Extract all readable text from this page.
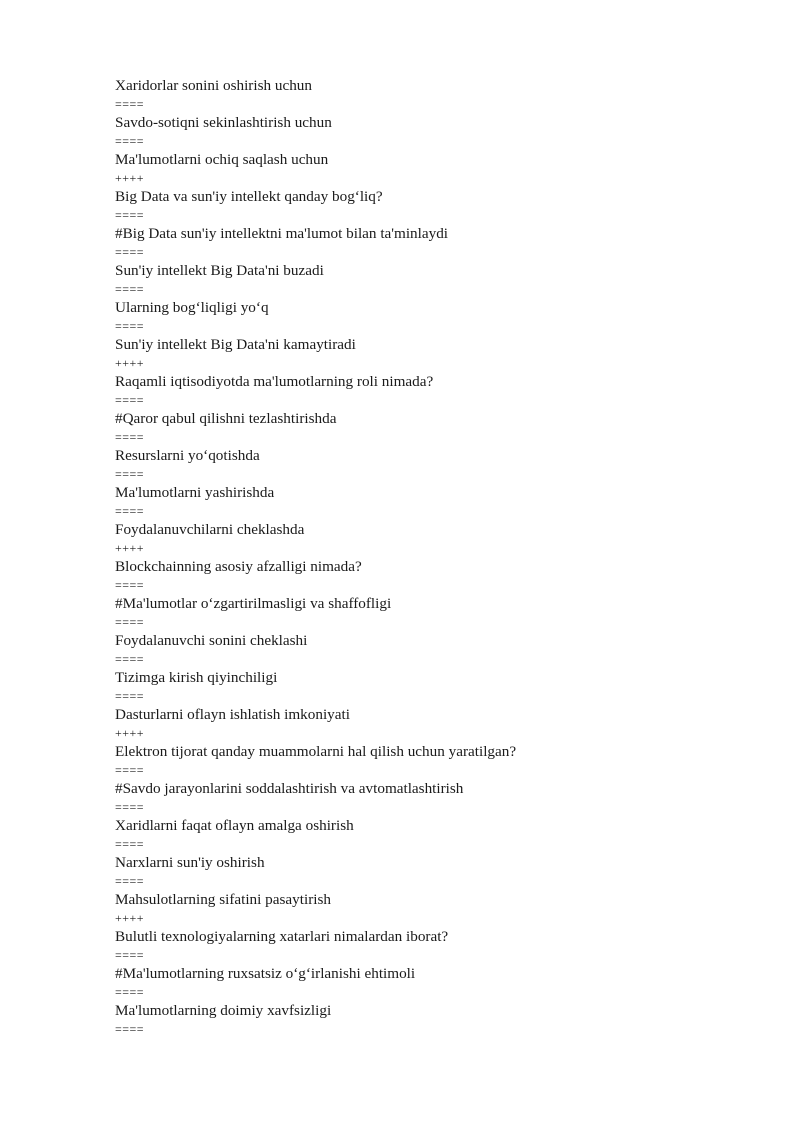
Xaridorlar sonini oshirish uchun
====
Savdo-sotiqni sekinlashtirish uchun
====
Ma'lumotlarni ochiq saqlash uchun
++++
Big Data va sun'iy intellekt qanday bog‘liq?
====
#Big Data sun'iy intellektni ma'lumot bilan ta'minlaydi
====
Sun'iy intellekt Big Data'ni buzadi
====
Ularning bog‘liqligi yo‘q
====
Sun'iy intellekt Big Data'ni kamaytiradi
++++
Raqamli iqtisodiyotda ma'lumotlarning roli nimada?
====
#Qaror qabul qilishni tezlashtirishda
====
Resurslarni yo‘qotishda
====
Ma'lumotlarni yashirishda
====
Foydalanuvchilarni cheklashda
++++
Blockchainning asosiy afzalligi nimada?
====
#Ma'lumotlar o‘zgartirilmasligi va shaffofligi
====
Foydalanuvchi sonini cheklashi
====
Tizimga kirish qiyinchiligi
====
Dasturlarni oflayn ishlatish imkoniyati
++++
Elektron tijorat qanday muammolarni hal qilish uchun yaratilgan?
====
#Savdo jarayonlarini soddalashtirish va avtomatlashtirish
====
Xaridlarni faqat oflayn amalga oshirish
====
Narxlarni sun'iy oshirish
====
Mahsulotlarning sifatini pasaytirish
++++
Bulutli texnologiyalarning xatarlari nimalardan iborat?
====
#Ma'lumotlarning ruxsatsiz o‘g‘irlanishi ehtimoli
====
Ma'lumotlarning doimiy xavfsizligi
====
